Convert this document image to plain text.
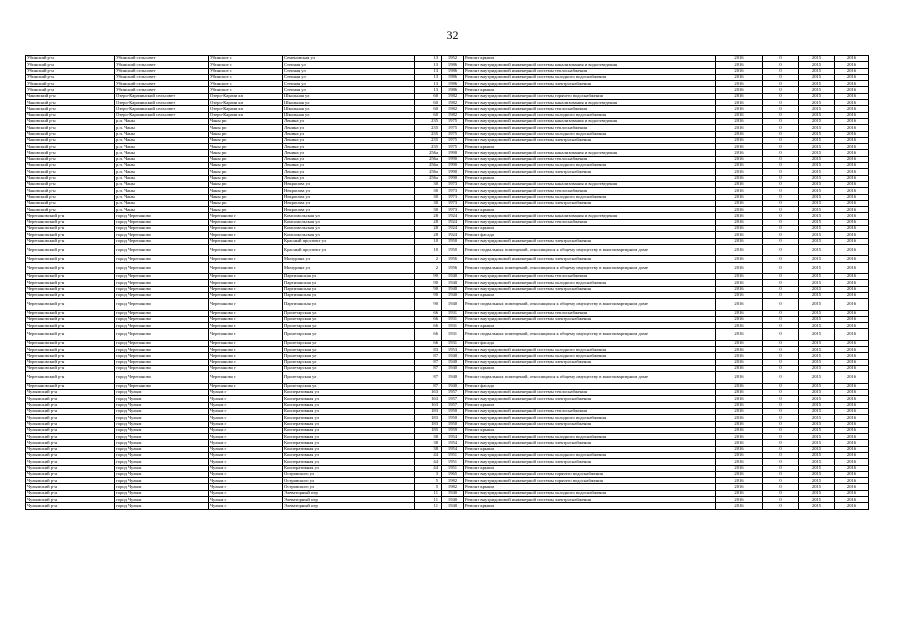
32
Убинский р-н	Убинский сельсовет	Убинское с	Семеновская ул	13	1952	Ремонт крыши	2016	0	2015	2016
Убинский р-н	Убинский сельсовет	Убинское с	Степная ул	13	1986	Ремонт внутридомовой инженерной системы канализования и водоотведения	2016	0	2015	2016
Убинский р-н	Убинский сельсовет	Убинское с	Степная ул	13	1986	Ремонт внутридомовой инженерной системы теплоснабжения	2016	0	2015	2016
Убинский р-н	Убинский сельсовет	Убинское с	Степная ул	13	1986	Ремонт внутридомовой инженерной системы холодного водоснабжения	2016	0	2015	2016
Убинский р-н	Убинский сельсовет	Убинское с	Степная ул	13	1986	Ремонт внутридомовой инженерной системы электроснабжения	2016	0	2015	2016
Убинский р-н	Убинский сельсовет	Убинское с	Степная ул	13	1986	Ремонт крыши	2016	0	2015	2016
Чановский р-н	Озеро-Карачинский сельсовет	Озеро-Карачи кп	Школьная ул	60	1982	Ремонт внутридомовой инженерной системы горячего водоснабжения	2016	0	2015	2016
Чановский р-н	Озеро-Карачинский сельсовет	Озеро-Карачи кп	Школьная ул	60	1982	Ремонт внутридомовой инженерной системы канализования и водоотведения	2016	0	2015	2016
Чановский р-н	Озеро-Карачинский сельсовет	Озеро-Карачи кп	Школьная ул	60	1982	Ремонт внутридомовой инженерной системы теплоснабжения	2016	0	2015	2016
Чановский р-н	Озеро-Карачинский сельсовет	Озеро-Карачи кп	Школьная ул	60	1982	Ремонт внутридомовой инженерной системы холодного водоснабжения	2016	0	2015	2016
Чановский р-н	р.п. Чаны	Чаны рп	Ленина ул	235	1975	Ремонт внутридомовой инженерной системы канализования и водоотведения	2016	0	2015	2016
Чановский р-н	р.п. Чаны	Чаны рп	Ленина ул	235	1975	Ремонт внутридомовой инженерной системы теплоснабжения	2016	0	2015	2016
Чановский р-н	р.п. Чаны	Чаны рп	Ленина ул	235	1975	Ремонт внутридомовой инженерной системы холодного водоснабжения	2016	0	2015	2016
Чановский р-н	р.п. Чаны	Чаны рп	Ленина ул	235	1975	Ремонт внутридомовой инженерной системы электроснабжения	2016	0	2015	2016
Чановский р-н	р.п. Чаны	Чаны рп	Ленина ул	235	1975	Ремонт крыши	2016	0	2015	2016
Чановский р-н	р.п. Чаны	Чаны рп	Ленина ул	256а	1990	Ремонт внутридомовой инженерной системы канализования и водоотведения	2016	0	2015	2016
Чановский р-н	р.п. Чаны	Чаны рп	Ленина ул	256а	1990	Ремонт внутридомовой инженерной системы теплоснабжения	2016	0	2015	2016
Чановский р-н	р.п. Чаны	Чаны рп	Ленина ул	256а	1990	Ремонт внутридомовой инженерной системы холодного водоснабжения	2016	0	2015	2016
Чановский р-н	р.п. Чаны	Чаны рп	Ленина ул	256а	1990	Ремонт внутридомовой инженерной системы электроснабжения	2016	0	2015	2016
Чановский р-н	р.п. Чаны	Чаны рп	Ленина ул	256а	1990	Ремонт крыши	2016	0	2015	2016
Чановский р-н	р.п. Чаны	Чаны рп	Некрасова ул	30	1973	Ремонт внутридомовой инженерной системы канализования и водоотведения	2016	0	2015	2016
Чановский р-н	р.п. Чаны	Чаны рп	Некрасова ул	30	1973	Ремонт внутридомовой инженерной системы теплоснабжения	2016	0	2015	2016
Чановский р-н	р.п. Чаны	Чаны рп	Некрасова ул	30	1973	Ремонт внутридомовой инженерной системы холодного водоснабжения	2016	0	2015	2016
Чановский р-н	р.п. Чаны	Чаны рп	Некрасова ул	30	1973	Ремонт внутридомовой инженерной системы электроснабжения	2016	0	2015	2016
Чановский р-н	р.п. Чаны	Чаны рп	Некрасова ул	30	1973	Ремонт крыши	2016	0	2015	2016
Черепановский р-н	город Черепаново	Черепаново г	Комсомольская ул	28	1924	Ремонт внутридомовой инженерной системы канализования и водоотведения	2016	0	2015	2016
Черепановский р-н	город Черепаново	Черепаново г	Комсомольская ул	28	1924	Ремонт внутридомовой инженерной системы теплоснабжения	2016	0	2015	2016
Черепановский р-н	город Черепаново	Черепаново г	Комсомольская ул	28	1924	Ремонт крыши	2016	0	2015	2016
Черепановский р-н	город Черепаново	Черепаново г	Комсомольская ул	28	1924	Ремонт фасада	2016	0	2015	2016
Черепановский р-н	город Черепаново	Черепаново г	Красный проспект ул	10	1950	Ремонт внутридомовой инженерной системы электроснабжения	2016	0	2015	2016
Черепановский р-н	город Черепаново	Черепаново г	Красный проспект ул	10	1950	Ремонт подвальных помещений, относящихся к общему имуществу в многоквартирном доме	2016	0	2015	2016
Черепановский р-н	город Черепаново	Черепаново г	Мичурина ул	2	1956	Ремонт внутридомовой инженерной системы электроснабжения	2016	0	2015	2016
Черепановский р-н	город Черепаново	Черепаново г	Мичурина ул	2	1956	Ремонт подвальных помещений, относящихся к общему имуществу в многоквартирном доме	2016	0	2015	2016
Черепановский р-н	город Черепаново	Черепаново г	Партизанская ул	90	1940	Ремонт внутридомовой инженерной системы теплоснабжения	2016	0	2015	2016
Черепановский р-н	город Черепаново	Черепаново г	Партизанская ул	90	1940	Ремонт внутридомовой инженерной системы холодного водоснабжения	2016	0	2015	2016
Черепановский р-н	город Черепаново	Черепаново г	Партизанская ул	90	1940	Ремонт внутридомовой инженерной системы электроснабжения	2016	0	2015	2016
Черепановский р-н	город Черепаново	Черепаново г	Партизанская ул	90	1940	Ремонт крыши	2016	0	2015	2016
Черепановский р-н	город Черепаново	Черепаново г	Партизанская ул	90	1940	Ремонт подвальных помещений, относящихся к общему имуществу в многоквартирном доме	2016	0	2015	2016
Черепановский р-н	город Черепаново	Черепаново г	Пролетарская ул	66	1931	Ремонт внутридомовой инженерной системы теплоснабжения	2016	0	2015	2016
Черепановский р-н	город Черепаново	Черепаново г	Пролетарская ул	66	1931	Ремонт внутридомовой инженерной системы электроснабжения	2016	0	2015	2016
Черепановский р-н	город Черепаново	Черепаново г	Пролетарская ул	66	1931	Ремонт крыши	2016	0	2015	2016
Черепановский р-н	город Черепаново	Черепаново г	Пролетарская ул	66	1931	Ремонт подвальных помещений, относящихся к общему имуществу в многоквартирном доме	2016	0	2015	2016
Черепановский р-н	город Черепаново	Черепаново г	Пролетарская ул	66	1931	Ремонт фасада	2016	0	2015	2016
Черепановский р-н	город Черепаново	Черепаново г	Пролетарская ул	83	1953	Ремонт внутридомовой инженерной системы холодного водоснабжения	2016	0	2015	2016
Черепановский р-н	город Черепаново	Черепаново г	Пролетарская ул	87	1940	Ремонт внутридомовой инженерной системы холодного водоснабжения	2016	0	2015	2016
Черепановский р-н	город Черепаново	Черепаново г	Пролетарская ул	87	1940	Ремонт внутридомовой инженерной системы электроснабжения	2016	0	2015	2016
Черепановский р-н	город Черепаново	Черепаново г	Пролетарская ул	87	1940	Ремонт крыши	2016	0	2015	2016
Черепановский р-н	город Черепаново	Черепаново г	Пролетарская ул	87	1940	Ремонт подвальных помещений, относящихся к общему имуществу в многоквартирном доме	2016	0	2015	2016
Черепановский р-н	город Черепаново	Черепаново г	Пролетарская ул	87	1940	Ремонт фасада	2016	0	2015	2016
Чулымский р-н	город Чулым	Чулым г	Кооперативная ул	163	1957	Ремонт внутридомовой инженерной системы теплоснабжения	2016	0	2015	2016
Чулымский р-н	город Чулым	Чулым г	Кооперативная ул	163	1957	Ремонт внутридомовой инженерной системы электроснабжения	2016	0	2015	2016
Чулымский р-н	город Чулым	Чулым г	Кооперативная ул	163	1957	Ремонт крыши	2016	0	2015	2016
Чулымский р-н	город Чулым	Чулым г	Кооперативная ул	183	1950	Ремонт внутридомовой инженерной системы теплоснабжения	2016	0	2015	2016
Чулымский р-н	город Чулым	Чулым г	Кооперативная ул	183	1950	Ремонт внутридомовой инженерной системы холодного водоснабжения	2016	0	2015	2016
Чулымский р-н	город Чулым	Чулым г	Кооперативная ул	183	1950	Ремонт внутридомовой инженерной системы электроснабжения	2016	0	2015	2016
Чулымский р-н	город Чулым	Чулым г	Кооперативная ул	185	1959	Ремонт крыши	2016	0	2015	2016
Чулымский р-н	город Чулым	Чулым г	Кооперативная ул	38	1954	Ремонт внутридомовой инженерной системы холодного водоснабжения	2016	0	2015	2016
Чулымский р-н	город Чулым	Чулым г	Кооперативная ул	38	1954	Ремонт внутридомовой инженерной системы электроснабжения	2016	0	2015	2016
Чулымский р-н	город Чулым	Чулым г	Кооперативная ул	38	1954	Ремонт крыши	2016	0	2015	2016
Чулымский р-н	город Чулым	Чулым г	Кооперативная ул	44	1951	Ремонт внутридомовой инженерной системы холодного водоснабжения	2016	0	2015	2016
Чулымский р-н	город Чулым	Чулым г	Кооперативная ул	44	1951	Ремонт внутридомовой инженерной системы электроснабжения	2016	0	2015	2016
Чулымский р-н	город Чулым	Чулым г	Кооперативная ул	44	1951	Ремонт крыши	2016	0	2015	2016
Чулымский р-н	город Чулым	Чулым г	Островского ул	3	1965	Ремонт внутридомовой инженерной системы горячего водоснабжения	2016	0	2015	2016
Чулымский р-н	город Чулым	Чулым г	Островского ул	5	1982	Ремонт внутридомовой инженерной системы горячего водоснабжения	2016	0	2015	2016
Чулымский р-н	город Чулым	Чулым г	Островского ул	5	1982	Ремонт крыши	2016	0	2015	2016
Чулымский р-н	город Чулым	Чулым г	Элеваторный пер	11	1940	Ремонт внутридомовой инженерной системы холодного водоснабжения	2016	0	2015	2016
Чулымский р-н	город Чулым	Чулым г	Элеваторный пер	11	1940	Ремонт внутридомовой инженерной системы электроснабжения	2016	0	2015	2016
Чулымский р-н	город Чулым	Чулым г	Элеваторный пер	11	1940	Ремонт крыши	2016	0	2015	2016
